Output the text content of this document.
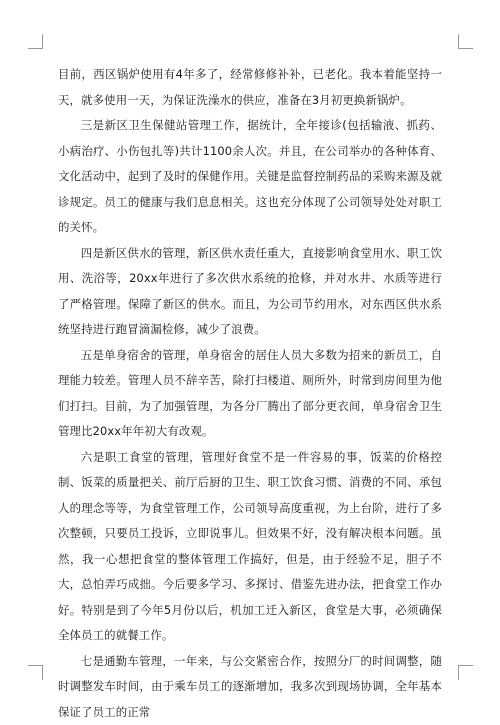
目前，西区锅炉使用有4年多了，经常修修补补，已老化。我本着能坚持一天，就多使用一天，为保证洗澡水的供应，准备在3月初更换新锅炉。

三是新区卫生保健站管理工作，据统计，全年接诊(包括输液、抓药、小病治疗、小伤包扎等)共计1100余人次。并且，在公司举办的各种体育、文化活动中，起到了及时的保健作用。关键是监督控制药品的采购来源及就诊规定。员工的健康与我们息息相关。这也充分体现了公司领导处处对职工的关怀。

四是新区供水的管理，新区供水责任重大，直接影响食堂用水、职工饮用、洗浴等，20xx年进行了多次供水系统的抢修，并对水井、水质等进行了严格管理。保障了新区的供水。而且，为公司节约用水，对东西区供水系统坚持进行跑冒滴漏检修，减少了浪费。

五是单身宿舍的管理，单身宿舍的居住人员大多数为招来的新员工，自理能力较差。管理人员不辞辛苦，除打扫楼道、厕所外，时常到房间里为他们打扫。目前，为了加强管理，为各分厂腾出了部分更衣间，单身宿舍卫生管理比20xx年年初大有改观。

六是职工食堂的管理，管理好食堂不是一件容易的事，饭菜的价格控制、饭菜的质量把关、前厅后厨的卫生、职工饮食习惯、消费的不同、承包人的理念等等，为食堂管理工作，公司领导高度重视，为上台阶，进行了多次整顿，只要员工投诉，立即说事儿。但效果不好，没有解决根本问题。虽然，我一心想把食堂的整体管理工作搞好，但是，由于经验不足，胆子不大，总怕弄巧成拙。今后要多学习、多探讨、借鉴先进办法，把食堂工作办好。特别是到了今年5月份以后，机加工迁入新区，食堂是大事，必须确保全体员工的就餐工作。

七是通勤车管理，一年来，与公交紧密合作，按照分厂的时间调整，随时调整发车时间，由于乘车员工的逐渐增加，我多次到现场协调，全年基本保证了员工的正常
